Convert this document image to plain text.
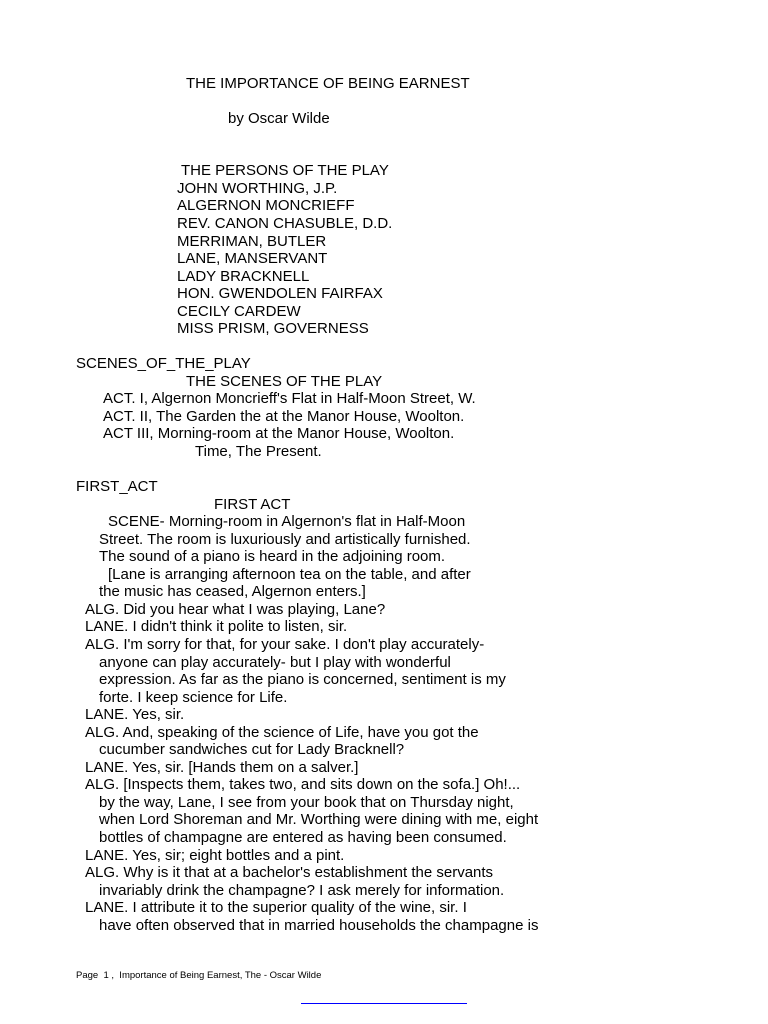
THE IMPORTANCE OF BEING EARNEST
by Oscar Wilde
THE PERSONS OF THE PLAY
JOHN WORTHING, J.P.
ALGERNON MONCRIEFF
REV. CANON CHASUBLE, D.D.
MERRIMAN, BUTLER
LANE, MANSERVANT
LADY BRACKNELL
HON. GWENDOLEN FAIRFAX
CECILY CARDEW
MISS PRISM, GOVERNESS
SCENES_OF_THE_PLAY
THE SCENES OF THE PLAY
ACT. I, Algernon Moncrieff's Flat in Half-Moon Street, W.
ACT. II, The Garden the at the Manor House, Woolton.
ACT III, Morning-room at the Manor House, Woolton.
Time, The Present.
FIRST_ACT
FIRST ACT
SCENE- Morning-room in Algernon's flat in Half-Moon
Street. The room is luxuriously and artistically furnished.
The sound of a piano is heard in the adjoining room.
[Lane is arranging afternoon tea on the table, and after
the music has ceased, Algernon enters.]
ALG. Did you hear what I was playing, Lane?
LANE. I didn't think it polite to listen, sir.
ALG. I'm sorry for that, for your sake. I don't play accurately-
anyone can play accurately- but I play with wonderful
expression. As far as the piano is concerned, sentiment is my
forte. I keep science for Life.
LANE. Yes, sir.
ALG. And, speaking of the science of Life, have you got the
cucumber sandwiches cut for Lady Bracknell?
LANE. Yes, sir. [Hands them on a salver.]
ALG. [Inspects them, takes two, and sits down on the sofa.] Oh!...
by the way, Lane, I see from your book that on Thursday night,
when Lord Shoreman and Mr. Worthing were dining with me, eight
bottles of champagne are entered as having been consumed.
LANE. Yes, sir; eight bottles and a pint.
ALG. Why is it that at a bachelor's establishment the servants
invariably drink the champagne? I ask merely for information.
LANE. I attribute it to the superior quality of the wine, sir. I
have often observed that in married households the champagne is
Page  1 ,  Importance of Being Earnest, The - Oscar Wilde
